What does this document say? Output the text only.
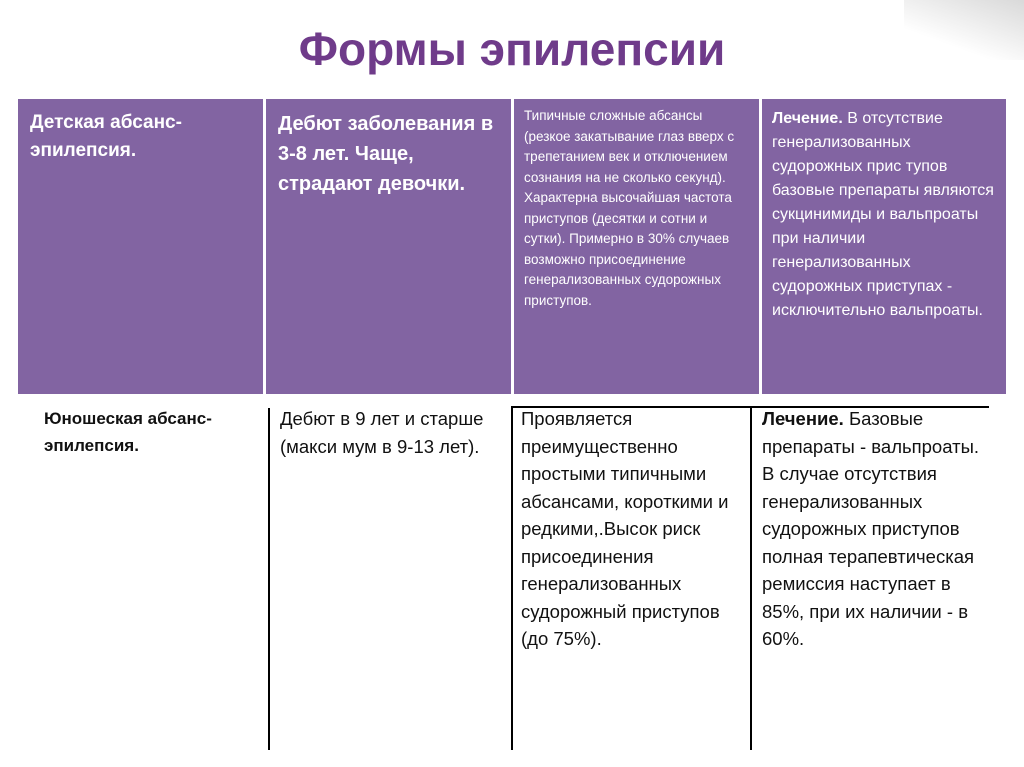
Формы эпилепсии
Детская абсанс-эпилепсия.
Дебют заболевания в 3-8 лет. Чаще, страдают девочки.
Типичные сложные абсансы (резкое закатывание глаз вверх с трепетанием век и отключением сознания на не сколько секунд). Характерна высочайшая частота приступов (десятки и сотни и сутки). Примерно в 30% случаев возможно присоединение генерализованных судорожных приступов.
Лечение. В отсутствие генерализованных судорожных прис тупов базовые препараты являются сукцинимиды и вальпроаты при наличии генерализованных судорожных приступах - исключительно вальпроаты.
Юношеская абсанс-эпилепсия.
Дебют в 9 лет и старше (макси мум в 9-13 лет).
Проявляется преимущественно простыми типичными абсансами, короткими и редкими,.Высок риск присоединения генерализованных судорожный приступов (до 75%).
Лечение. Базовые препараты - вальпроаты. В случае отсутствия генерализованных судорожных приступов полная терапевтическая ремиссия наступает в 85%, при их наличии - в 60%.
